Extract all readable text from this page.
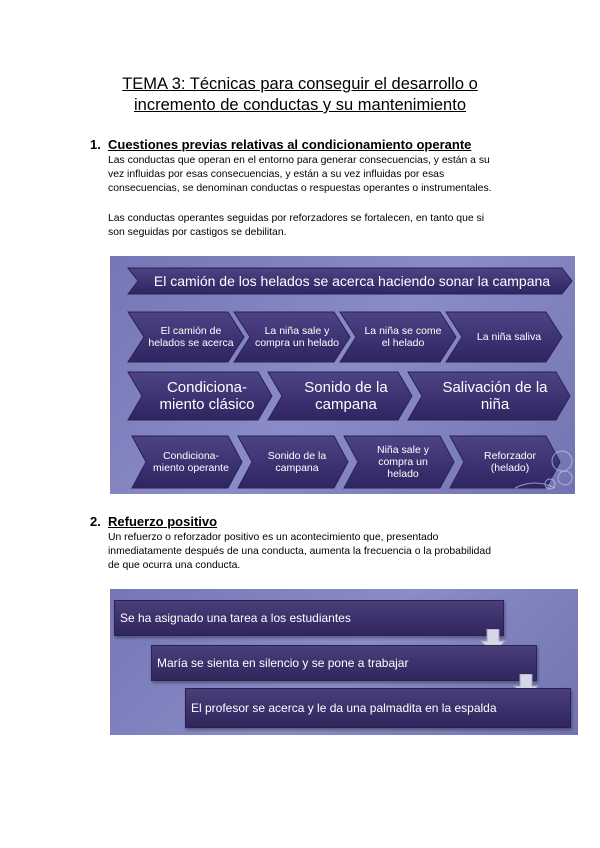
TEMA 3: Técnicas para conseguir el desarrollo o
incremento de conductas y su mantenimiento
1. Cuestiones previas relativas al condicionamiento operante
Las conductas que operan en el entorno para generar consecuencias, y están a su
vez influidas por esas consecuencias, y están a su vez influidas por esas
consecuencias, se denominan conductas o respuestas operantes o instrumentales.
Las conductas operantes seguidas por reforzadores se fortalecen, en tanto que si
son seguidas por castigos se debilitan.
El camión de los helados se acerca haciendo sonar la campana
El camión de helados se acerca
La niña sale y compra un helado
La niña se come el helado	La niña saliva
Condiciona- miento clásico
Sonido de la campana
Salivación de la niña
Condiciona- miento operante
Sonido de la campana
Niña sale y compra un helado
Reforzador (helado)
2. Refuerzo positivo
Un refuerzo o reforzador positivo es un acontecimiento que, presentado
inmediatamente después de una conducta, aumenta la frecuencia o la probabilidad
de que ocurra una conducta.
Se ha asignado una tarea a los estudiantes
María se sienta en silencio y se pone a trabajar
El profesor se acerca y le da una palmadita en la espalda
